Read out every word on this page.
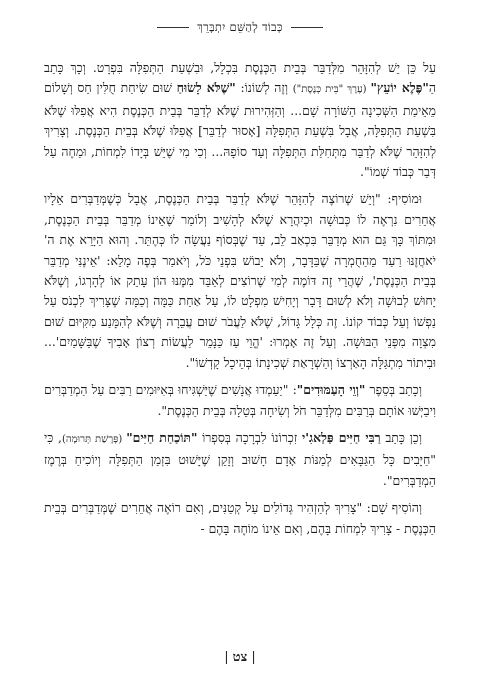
כְּבוֹד לְהַשֵּׁם יִתְבָּרֵךְ

עַל כֵּן יֵשׁ לְהִזָּהֵר מִלְּדַבֵּר בְּבֵית הַכְּנֶסֶת בִּכְלָל, וּבִשְׁעַת הַתְּפִלָּה בִּפְרָט. וְכָךְ כָּתַב הַ"פֶּלֶא יוֹעֵץ" (עֶרֶךְ "בֵּית כְּנֶסֶת") וְזֶה לְשׁוֹנוֹ: "שֶׁלֹּא לָשׂוּחַ שׁוּם שִׂיחַת חֻלִּין חַס וְשָׁלוֹם מֵאֵימַת הַשְּׁכִינָה הַשּׁוֹרָה שָׁם... וְהַזְּהִירוּת שֶׁלֹּא לְדַבֵּר בְּבֵית הַכְּנֶסֶת הִיא אֲפִלּוּ שֶׁלֹּא בִּשְׁעַת הַתְּפִלָּה, אֲבָל בִּשְׁעַת הַתְּפִלָּה [אָסוּר לְדַבֵּר] אֲפִלּוּ שֶׁלֹּא בְּבֵית הַכְּנֶסֶת. וְצָרִיךְ לְהִזָּהֵר שֶׁלֹּא לְדַבֵּר מִתְּחִלַּת הַתְּפִלָּה וְעַד סוֹפָהּ... וְכִי מִי שֶׁיֵּשׁ בְּיָדוֹ לִמְחוֹת, וּמַחֶה עַל דְּבַר כְּבוֹד שְׁמוֹ".

וּמוֹסִיף: "וְיֵשׁ שֶׁרוֹצֶה לְהִזָּהֵר שֶׁלֹּא לְדַבֵּר בְּבֵית הַכְּנֶסֶת, אֲבָל כְּשֶׁמְּדַבְּרִים אֵלָיו אֲחֵרִים נִרְאֶה לוֹ כְּבוּשָׁה וּכְיִהֲרָא שֶׁלֹּא לְהָשִׁיב וְלוֹמַר שֶׁאֵינוֹ מְדַבֵּר בְּבֵית הַכְּנֶסֶת, וּמִתּוֹךְ כָּךְ גַּם הוּא מְדַבֵּר בִּכְאַב לֵב, עַד שֶׁבְּסוֹף נַעֲשָׂה לוֹ כְּהֶתֵּר. וְהוּא הַיָּרֵא אֶת ה' יֹאחֲזֶנּוּ רַעַד מֵהַחֻמְרָה שֶׁבַּדָּבָר, וְלֹא יֵבוֹשׁ בִּפְנֵי כֹּל, וְיֹאמַר בְּפֶה מָלֵא: 'אֵינֶנִּי מְדַבֵּר בְּבֵית הַכְּנֶסֶת', שֶׁהֲרֵי זֶה דּוֹמֶה לְמִי שֶׁרוֹצִים לְאַבֵּד מִמֶּנּוּ הוֹן עָתֵק אוֹ לְהָרְגוֹ, וְשֶׁלֹּא יָחוּשׁ לְבוּשָׁה וְלֹא לְשׁוּם דָּבָר וְיָחִישׁ מִפְלָט לוֹ, עַל אַחַת כַּמָּה וְכַמָּה שֶׁצָּרִיךְ לִכְנֹס עַל נַפְשׁוֹ וְעַל כְּבוֹד קוֹנוֹ. זֶה כְּלָל גָּדוֹל, שֶׁלֹּא לַעֲבֹר שׁוּם עֲבֵרָה וְשֶׁלֹּא לְהִמָּנַע מִקִּיּוּם שׁוּם מִצְוָה מִפְּנֵי הַבּוּשָׁה. וְעַל זֶה אָמְרוּ: 'הֱוֵי עַז כַּנָּמֵר לַעֲשׂוֹת רְצוֹן אָבִיךָ שֶׁבַּשָּׁמַיִם'... וּבִיתוֹר מִתְגַּלָּה הָאַרְצוֹ וְהַשְׁרָאַת שְׁכִינָתוֹ בְּהֵיכָל קָדְשׁוֹ".

וְכָתַב בְּסֵפֶר "וְוֵי הָעַמּוּדִים": "יַעַמְדוּ אֲנָשִׁים שֶׁיַּשְׁגִּיחוּ בְּאִיּוּמִים רַבִּים עַל הַמְדַבְּרִים וִיבַיְּשׁוּ אוֹתָם בְּרַבִּים מִלְּדַבֵּר חֹל וְשִׂיחָה בְּטֵלָה בְּבֵית הַכְּנֶסֶת".

וְכֵן כָּתַב רַבִּי חַיִּים פַּלַאגִ'י זִכְרוֹנוֹ לִבְרָכָה בְּסִפְרוֹ "תּוֹכַחַת חַיִּים" (פָּרָשַׁת תְּרוּמָה), כִּי "חַיָּבִים כָּל הַגַּבָּאִים לְמַנּוֹת אָדָם חָשׁוּב וְזָקֵן שֶׁיָּשׁוּט בִּזְמַן הַתְּפִלָּה וְיוֹכִיחַ בְּרֶמֶז הַמְדַבְּרִים".

וְהוֹסִיף שָׁם: "צָרִיךְ לְהַזְהִיר גְּדוֹלִים עַל קְטַנִּים, וְאִם רוֹאֶה אֲחֵרִים שֶׁמְּדַבְּרִים בְּבֵית הַכְּנֶסֶת - צָרִיךְ לִמְחוֹת בָּהֶם, וְאִם אֵינוֹ מוֹחֶה בָּהֶם -

|צט|
